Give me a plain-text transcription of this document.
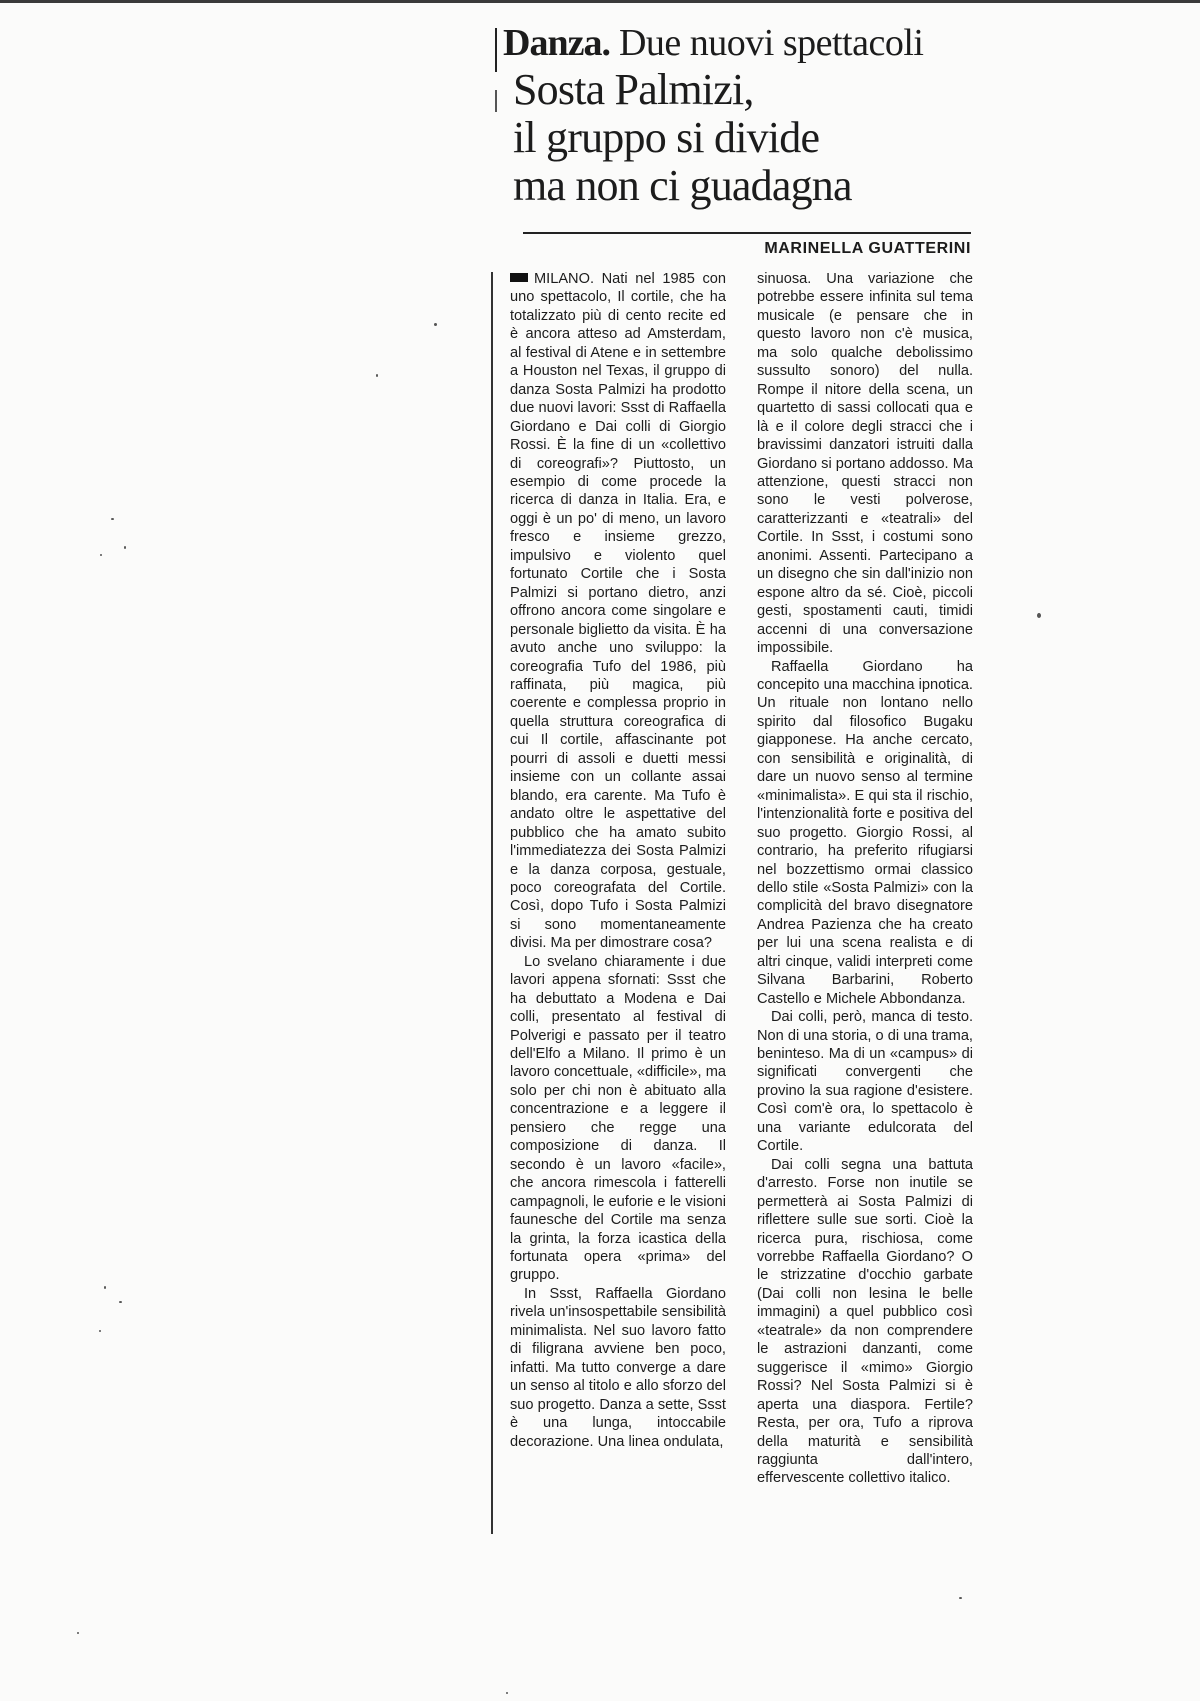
Danza. Due nuovi spettacoli
Sosta Palmizi,
il gruppo si divide
ma non ci guadagna
MARINELLA GUATTERINI

MILANO. Nati nel 1985 con uno spettacolo, Il cortile, che ha totalizzato più di cento recite ed è ancora atteso ad Amsterdam, al festival di Atene e in settembre a Houston nel Texas, il gruppo di danza Sosta Palmizi ha prodotto due nuovi lavori: Ssst di Raffaella Giordano e Dai colli di Giorgio Rossi. È la fine di un «collettivo di coreografi»? Piuttosto, un esempio di come procede la ricerca di danza in Italia. Era, e oggi è un po' di meno, un lavoro fresco e insieme grezzo, impulsivo e violento quel fortunato Cortile che i Sosta Palmizi si portano dietro, anzi offrono ancora come singolare e personale biglietto da visita. È ha avuto anche uno sviluppo: la coreografia Tufo del 1986, più raffinata, più magica, più coerente e complessa proprio in quella struttura coreografica di cui Il cortile, affascinante pot pourri di assoli e duetti messi insieme con un collante assai blando, era carente. Ma Tufo è andato oltre le aspettative del pubblico che ha amato subito l'immediatezza dei Sosta Palmizi e la danza corposa, gestuale, poco coreografata del Cortile. Così, dopo Tufo i Sosta Palmizi si sono momentaneamente divisi. Ma per dimostrare cosa?

Lo svelano chiaramente i due lavori appena sfornati: Ssst che ha debuttato a Modena e Dai colli, presentato al festival di Polverigi e passato per il teatro dell'Elfo a Milano. Il primo è un lavoro concettuale, «difficile», ma solo per chi non è abituato alla concentrazione e a leggere il pensiero che regge una composizione di danza. Il secondo è un lavoro «facile», che ancora rimescola i fatterelli campagnoli, le euforie e le visioni faunesche del Cortile ma senza la grinta, la forza icastica della fortunata opera «prima» del gruppo.

In Ssst, Raffaella Giordano rivela un'insospettabile sensibilità minimalista. Nel suo lavoro fatto di filigrana avviene ben poco, infatti. Ma tutto converge a dare un senso al titolo e allo sforzo del suo progetto. Danza a sette, Ssst è una lunga, intoccabile decorazione. Una linea ondulata,

sinuosa. Una variazione che potrebbe essere infinita sul tema musicale (e pensare che in questo lavoro non c'è musica, ma solo qualche debolissimo sussulto sonoro) del nulla. Rompe il nitore della scena, un quartetto di sassi collocati qua e là e il colore degli stracci che i bravissimi danzatori istruiti dalla Giordano si portano addosso. Ma attenzione, questi stracci non sono le vesti polverose, caratterizzanti e «teatrali» del Cortile. In Ssst, i costumi sono anonimi. Assenti. Partecipano a un disegno che sin dall'inizio non espone altro da sé. Cioè, piccoli gesti, spostamenti cauti, timidi accenni di una conversazione impossibile.

Raffaella Giordano ha concepito una macchina ipnotica. Un rituale non lontano nello spirito dal filosofico Bugaku giapponese. Ha anche cercato, con sensibilità e originalità, di dare un nuovo senso al termine «minimalista». E qui sta il rischio, l'intenzionalità forte e positiva del suo progetto. Giorgio Rossi, al contrario, ha preferito rifugiarsi nel bozzettismo ormai classico dello stile «Sosta Palmizi» con la complicità del bravo disegnatore Andrea Pazienza che ha creato per lui una scena realista e di altri cinque, validi interpreti come Silvana Barbarini, Roberto Castello e Michele Abbondanza.

Dai colli, però, manca di testo. Non di una storia, o di una trama, beninteso. Ma di un «campus» di significati convergenti che provino la sua ragione d'esistere. Così com'è ora, lo spettacolo è una variante edulcorata del Cortile.

Dai colli segna una battuta d'arresto. Forse non inutile se permetterà ai Sosta Palmizi di riflettere sulle sue sorti. Cioè la ricerca pura, rischiosa, come vorrebbe Raffaella Giordano? O le strizzatine d'occhio garbate (Dai colli non lesina le belle immagini) a quel pubblico così «teatrale» da non comprendere le astrazioni danzanti, come suggerisce il «mimo» Giorgio Rossi? Nel Sosta Palmizi si è aperta una diaspora. Fertile? Resta, per ora, Tufo a riprova della maturità e sensibilità raggiunta dall'intero, effervescente collettivo italico.
